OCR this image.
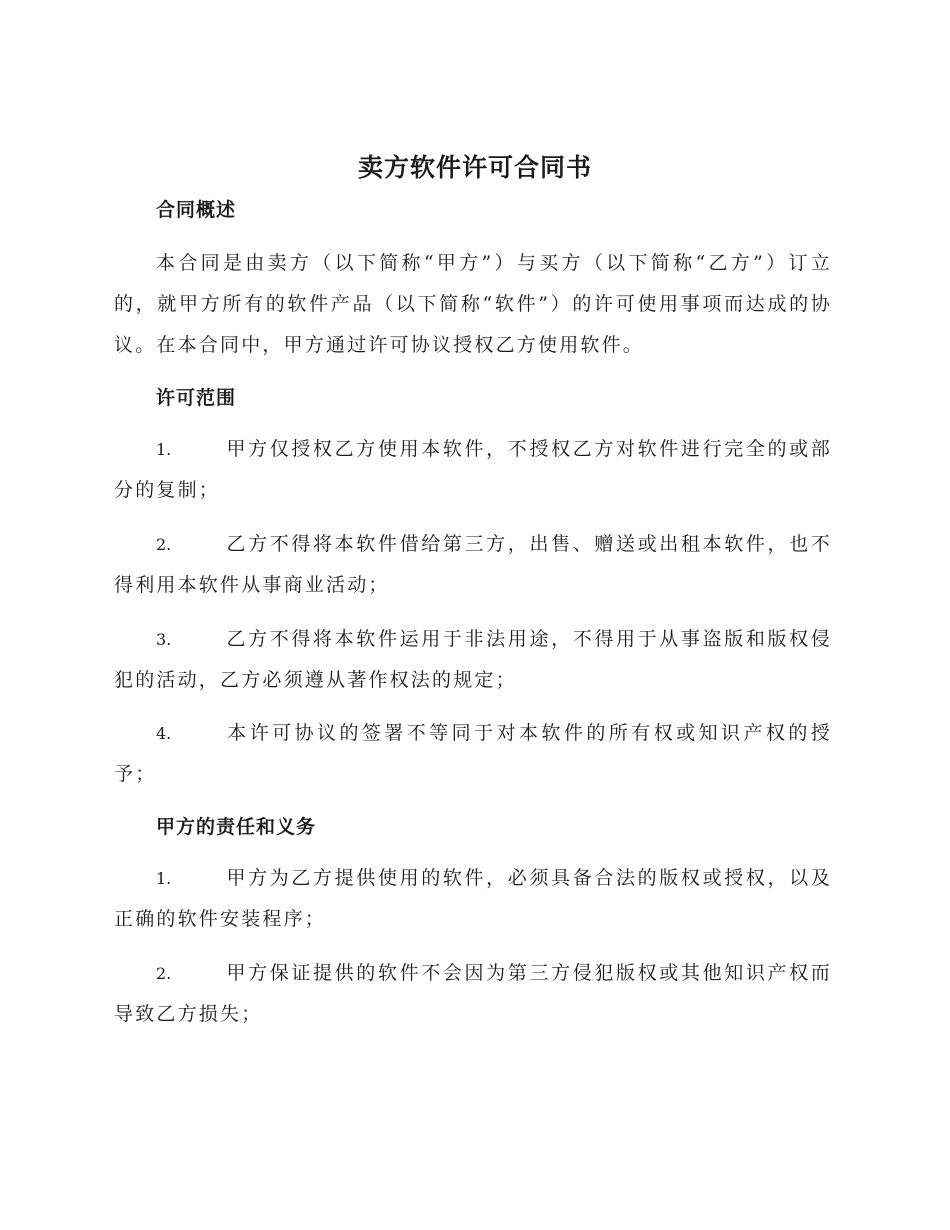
卖方软件许可合同书
合同概述

本合同是由卖方（以下简称“甲方”）与买方（以下简称“乙方”）订立的，就甲方所有的软件产品（以下简称“软件”）的许可使用事项而达成的协议。在本合同中，甲方通过许可协议授权乙方使用软件。

许可范围

1.	甲方仅授权乙方使用本软件，不授权乙方对软件进行完全的或部分的复制；

2.	乙方不得将本软件借给第三方，出售、赠送或出租本软件，也不得利用本软件从事商业活动；

3.	乙方不得将本软件运用于非法用途，不得用于从事盗版和版权侵犯的活动，乙方必须遵从著作权法的规定；

4.	本许可协议的签署不等同于对本软件的所有权或知识产权的授予；

甲方的责任和义务

1.	甲方为乙方提供使用的软件，必须具备合法的版权或授权，以及正确的软件安装程序；

2.	甲方保证提供的软件不会因为第三方侵犯版权或其他知识产权而导致乙方损失；
